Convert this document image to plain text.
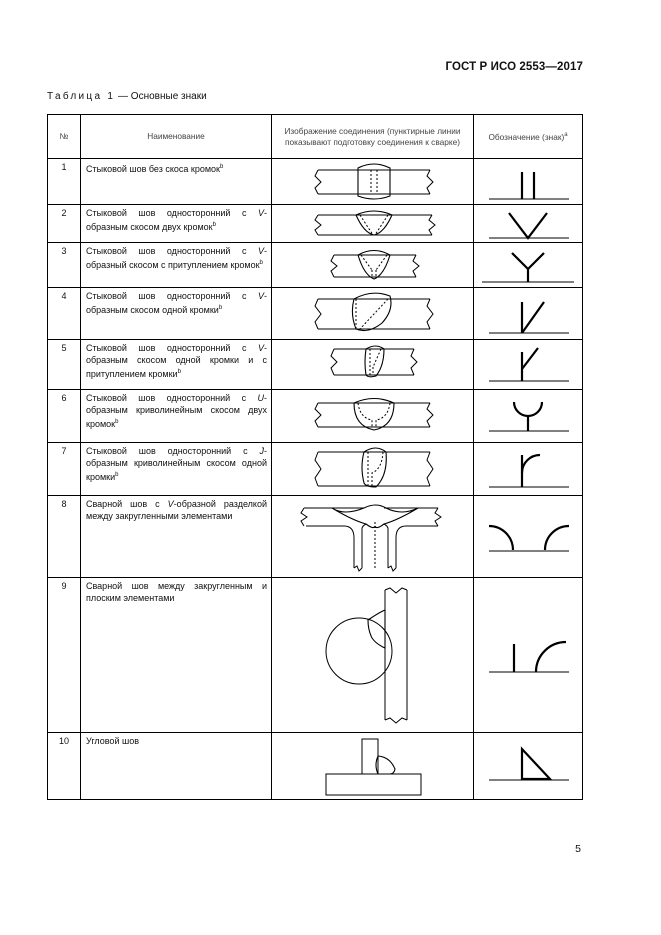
ГОСТ Р ИСО 2553—2017
Таблица 1 — Основные знаки
№	Наименование	Изображение соединения (пунктирные линии показывают подготовку соединения к сварке)	Обозначение (знак)$^а$
1	Стыковой шов без скоса кромок$^b$

2	Стыковой шов односторонний с V-образным скосом двух кромок$^b$

3	Стыковой шов односторонний с V-образный скосом с притуплением кромок$^b$

4	Стыковой шов односторонний с V-образным скосом одной кромки$^b$

5	Стыковой шов односторонний с V-образным скосом одной кромки и с притуплением кромки$^b$

6	Стыковой шов односторонний с U-образным криволинейным скосом двух кромок$^b$

7	Стыковой шов односторонний с J-образным криволинейным скосом одной кромки$^b$

8	Сварной шов с V-образной разделкой между закругленными элементами

9	Сварной шов между закругленным и плоским элементами

10	Угловой шов

5
